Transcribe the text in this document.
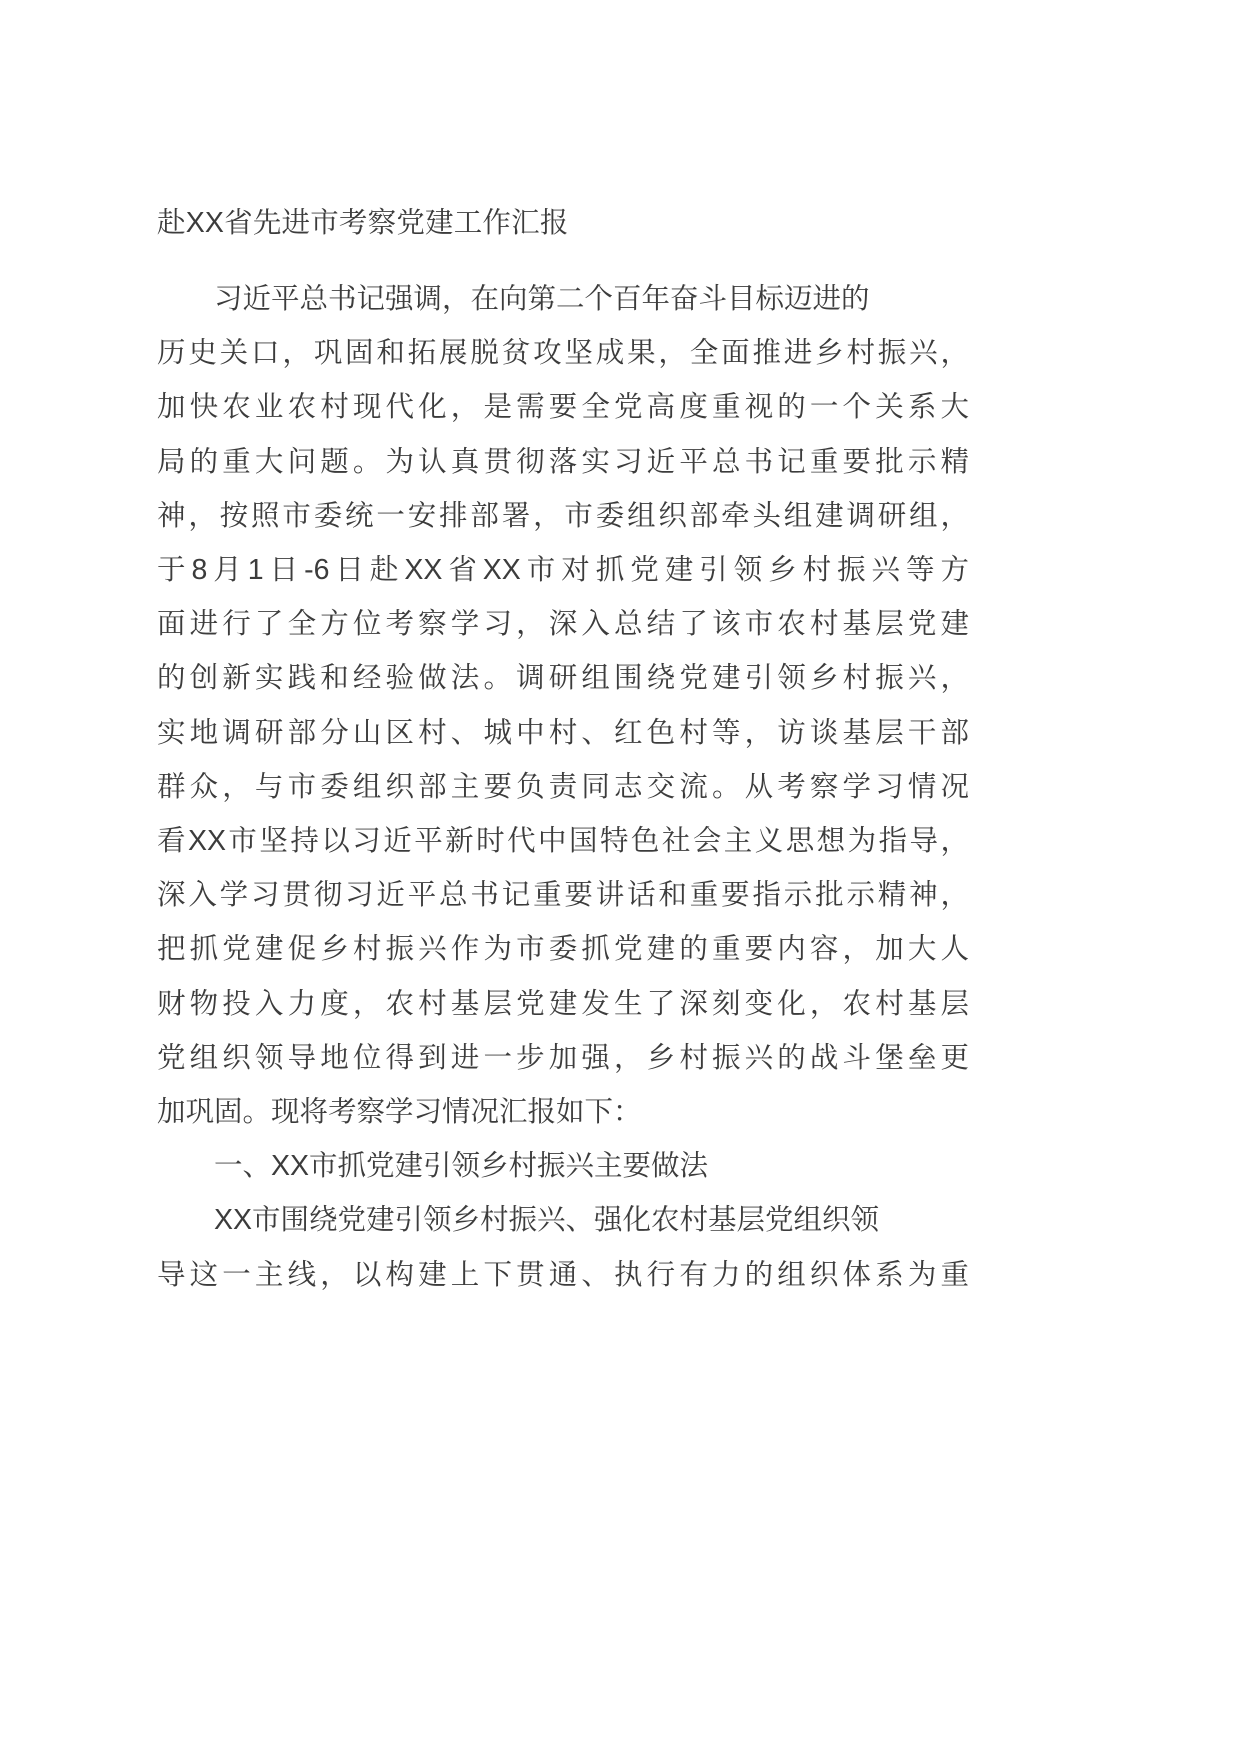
赴XX省先进市考察党建工作汇报
习近平总书记强调，在向第二个百年奋斗目标迈进的
历史关口，巩固和拓展脱贫攻坚成果，全面推进乡村振兴，
加快农业农村现代化，是需要全党高度重视的一个关系大
局的重大问题。为认真贯彻落实习近平总书记重要批示精
神，按照市委统一安排部署，市委组织部牵头组建调研组，
于8月1日-6日赴XX省XX市对抓党建引领乡村振兴等方
面进行了全方位考察学习，深入总结了该市农村基层党建
的创新实践和经验做法。调研组围绕党建引领乡村振兴，
实地调研部分山区村、城中村、红色村等，访谈基层干部
群众，与市委组织部主要负责同志交流。从考察学习情况
看XX市坚持以习近平新时代中国特色社会主义思想为指导，
深入学习贯彻习近平总书记重要讲话和重要指示批示精神，
把抓党建促乡村振兴作为市委抓党建的重要内容，加大人
财物投入力度，农村基层党建发生了深刻变化，农村基层
党组织领导地位得到进一步加强，乡村振兴的战斗堡垒更
加巩固。现将考察学习情况汇报如下：
一、XX市抓党建引领乡村振兴主要做法
XX市围绕党建引领乡村振兴、强化农村基层党组织领
导这一主线，以构建上下贯通、执行有力的组织体系为重
